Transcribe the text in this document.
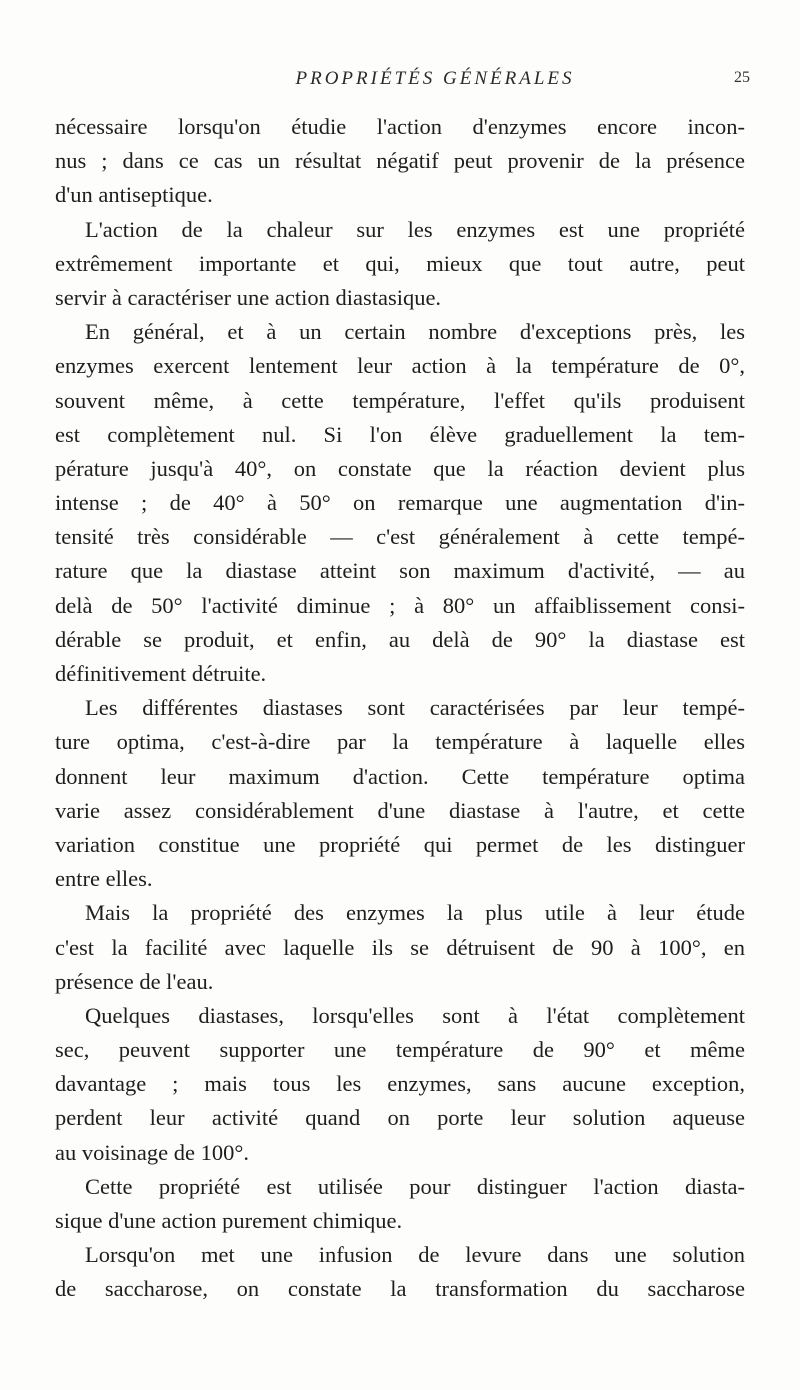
PROPRIÉTÉS GÉNÉRALES	25
nécessaire lorsqu'on étudie l'action d'enzymes encore incon-
nus ; dans ce cas un résultat négatif peut provenir de la présence
d'un antiseptique.
L'action de la chaleur sur les enzymes est une propriété
extrêmement importante et qui, mieux que tout autre, peut
servir à caractériser une action diastasique.
En général, et à un certain nombre d'exceptions près, les
enzymes exercent lentement leur action à la température de 0°,
souvent même, à cette température, l'effet qu'ils produisent
est complètement nul. Si l'on élève graduellement la tem-
pérature jusqu'à 40°, on constate que la réaction devient plus
intense ; de 40° à 50° on remarque une augmentation d'in-
tensité très considérable — c'est généralement à cette tempé-
rature que la diastase atteint son maximum d'activité, — au
delà de 50° l'activité diminue ; à 80° un affaiblissement consi-
dérable se produit, et enfin, au delà de 90° la diastase est
définitivement détruite.
Les différentes diastases sont caractérisées par leur tempé-
ture optima, c'est-à-dire par la température à laquelle elles
donnent leur maximum d'action. Cette température optima
varie assez considérablement d'une diastase à l'autre, et cette
variation constitue une propriété qui permet de les distinguer
entre elles.
Mais la propriété des enzymes la plus utile à leur étude
c'est la facilité avec laquelle ils se détruisent de 90 à 100°, en
présence de l'eau.
Quelques diastases, lorsqu'elles sont à l'état complètement
sec, peuvent supporter une température de 90° et même
davantage ; mais tous les enzymes, sans aucune exception,
perdent leur activité quand on porte leur solution aqueuse
au voisinage de 100°.
Cette propriété est utilisée pour distinguer l'action diasta-
sique d'une action purement chimique.
Lorsqu'on met une infusion de levure dans une solution
de saccharose, on constate la transformation du saccharose
